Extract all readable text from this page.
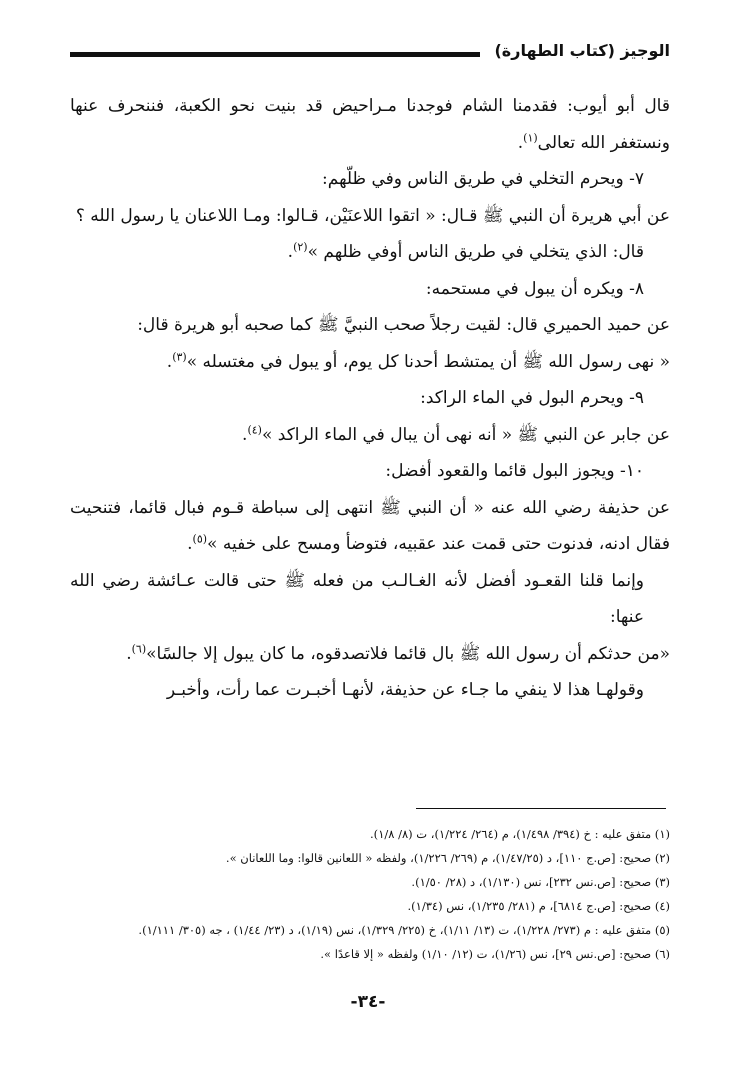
الوجيز (كتاب الطهارة)

قال أبو أيوب: فقدمنا الشام فوجدنا مـراحيض قد بنيت نحو الكعبة، فننحرف عنها ونستغفر الله تعالى$^{(١)}$.

٧- ويحرم التخلي في طريق الناس وفي ظلّهم:

عن أبي هريرة أن النبي ﷺ قـال: « اتقوا اللاعنَيْن، قـالوا: ومـا اللاعنان يا رسول الله ؟

قال: الذي يتخلي في طريق الناس أوفي ظلهم »$^{(٢)}$.

٨- ويكره أن يبول في مستحمه:

عن حميد الحميري قال: لقيت رجلاً صحب النبيَّ ﷺ كما صحبه أبو هريرة قال:

« نهى رسول الله ﷺ أن يمتشط أحدنا كل يوم، أو يبول في مغتسله »$^{(٣)}$.

٩- ويحرم البول في الماء الراكد:

عن جابر عن النبي ﷺ « أنه نهى أن يبال في الماء الراكد »$^{(٤)}$.

١٠- ويجوز البول قائما والقعود أفضل:

عن حذيفة رضي الله عنه « أن النبي ﷺ انتهى إلى سباطة قـوم فبال قائما، فتنحيت فقال ادنه، فدنوت حتى قمت عند عقبيه، فتوضأ ومسح على خفيه »$^{(٥)}$.

وإنما قلنا القعـود أفضل لأنه الغـالـب من فعله ﷺ حتى قالت عـائشة رضي الله عنها:

«من حدثكم أن رسول الله ﷺ بال قائما فلاتصدقوه، ما كان يبول إلا جالسًا»$^{(٦)}$.

وقولهـا هذا لا ينفي ما جـاء عن حذيفة، لأنهـا أخبـرت عما رأت، وأخبـر

(١) متفق عليه : خ (٣٩٤/ ١/٤٩٨)، م (٢٦٤/ ١/٢٢٤)، ت (٨/ ١/٨).

(٢) صحيح: [ص.ج ١١٠]، د (١/٤٧/٢٥)، م (٢٦٩/ ١/٢٢٦)، ولفظه « اللعانين قالوا: وما اللعانان ».

(٣) صحيح: [ص.نس ٢٣٢]، نس (١/١٣٠)، د (٢٨/ ١/٥٠).

(٤) صحيح: [ص.ج ٦٨١٤]، م (٢٨١/ ١/٢٣٥)، نس (١/٣٤).

(٥) متفق عليه : م (٢٧٣/ ١/٢٢٨)، ت (١٣/ ١/١١)، خ (٢٢٥/ ١/٣٢٩)، نس (١/١٩)، د (٢٣/ ١/٤٤) ، جه (٣٠٥/ ١/١١١).

(٦) صحيح: [ص.نس ٢٩]، نس (١/٢٦)، ت (١٢/ ١/١٠) ولفظه « إلا قاعدًا ».

-٣٤-
